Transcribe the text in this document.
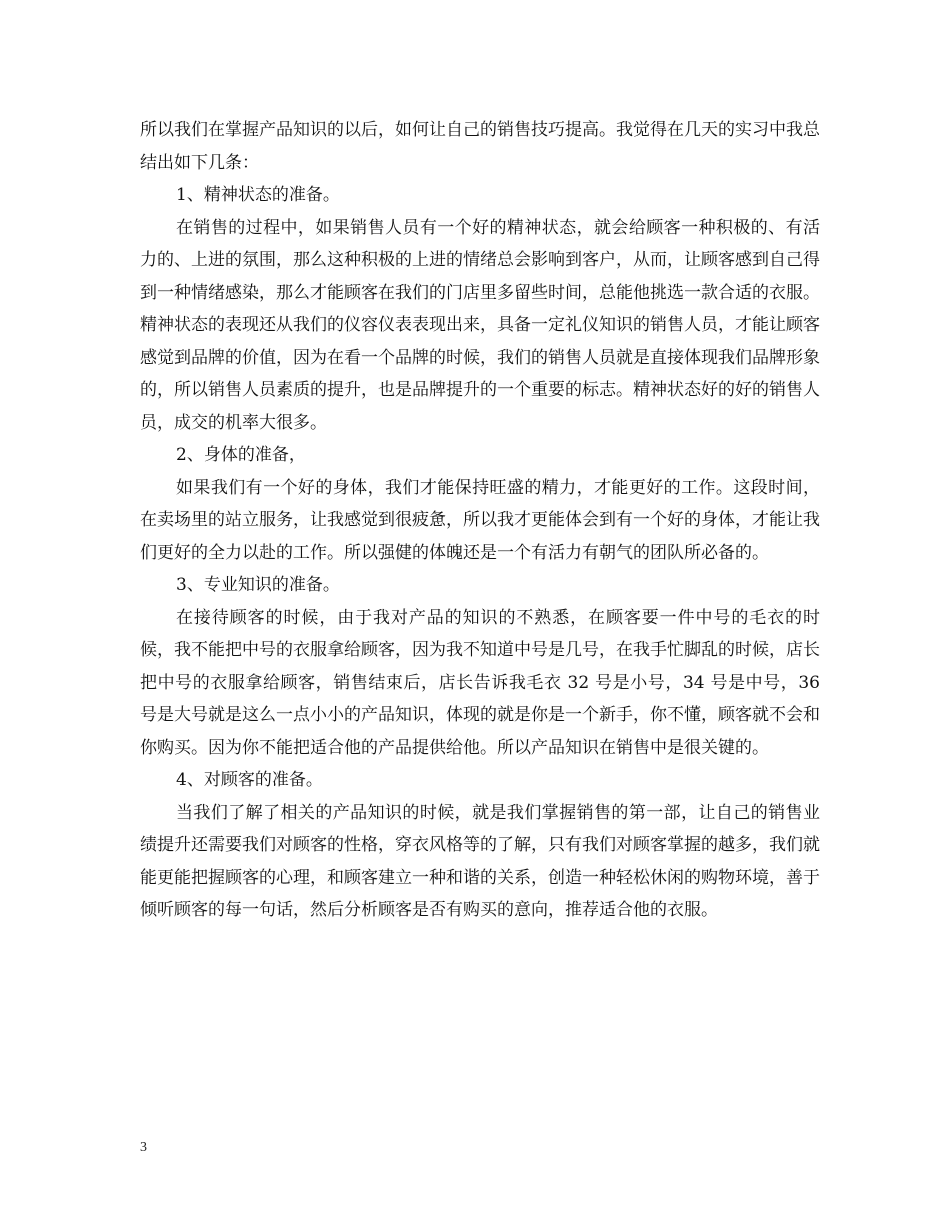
所以我们在掌握产品知识的以后，如何让自己的销售技巧提高。我觉得在几天的实习中我总结出如下几条：

1、精神状态的准备。

在销售的过程中，如果销售人员有一个好的精神状态，就会给顾客一种积极的、有活力的、上进的氛围，那么这种积极的上进的情绪总会影响到客户，从而，让顾客感到自己得到一种情绪感染，那么才能顾客在我们的门店里多留些时间，总能他挑选一款合适的衣服。精神状态的表现还从我们的仪容仪表表现出来，具备一定礼仪知识的销售人员，才能让顾客感觉到品牌的价值，因为在看一个品牌的时候，我们的销售人员就是直接体现我们品牌形象的，所以销售人员素质的提升，也是品牌提升的一个重要的标志。精神状态好的好的销售人员，成交的机率大很多。

2、身体的准备，

如果我们有一个好的身体，我们才能保持旺盛的精力，才能更好的工作。这段时间，在卖场里的站立服务，让我感觉到很疲惫，所以我才更能体会到有一个好的身体，才能让我们更好的全力以赴的工作。所以强健的体魄还是一个有活力有朝气的团队所必备的。

3、专业知识的准备。

在接待顾客的时候，由于我对产品的知识的不熟悉，在顾客要一件中号的毛衣的时候，我不能把中号的衣服拿给顾客，因为我不知道中号是几号，在我手忙脚乱的时候，店长把中号的衣服拿给顾客，销售结束后，店长告诉我毛衣 32 号是小号，34 号是中号，36 号是大号就是这么一点小小的产品知识，体现的就是你是一个新手，你不懂，顾客就不会和你购买。因为你不能把适合他的产品提供给他。所以产品知识在销售中是很关键的。

4、对顾客的准备。

当我们了解了相关的产品知识的时候，就是我们掌握销售的第一部，让自己的销售业绩提升还需要我们对顾客的性格，穿衣风格等的了解，只有我们对顾客掌握的越多，我们就能更能把握顾客的心理，和顾客建立一种和谐的关系，创造一种轻松休闲的购物环境，善于倾听顾客的每一句话，然后分析顾客是否有购买的意向，推荐适合他的衣服。

3
